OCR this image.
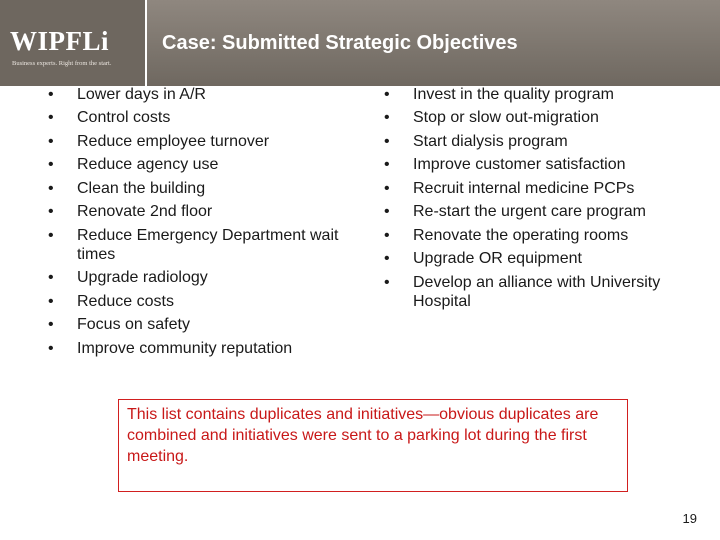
WIPFLi
Business experts. Right from the start.
Case: Submitted Strategic Objectives
• Lower days in A/R
• Control costs
• Reduce employee turnover
• Reduce agency use
• Clean the building
• Renovate 2nd floor
• Reduce Emergency Department wait times
• Upgrade radiology
• Reduce costs
• Focus on safety
• Improve community reputation
• Invest in the quality program
• Stop or slow out-migration
• Start dialysis program
• Improve customer satisfaction
• Recruit internal medicine PCPs
• Re-start the urgent care program
• Renovate the operating rooms
• Upgrade OR equipment
• Develop an alliance with University Hospital
This list contains duplicates and initiatives—obvious duplicates are combined and initiatives were sent to a parking lot during the first meeting.
19
